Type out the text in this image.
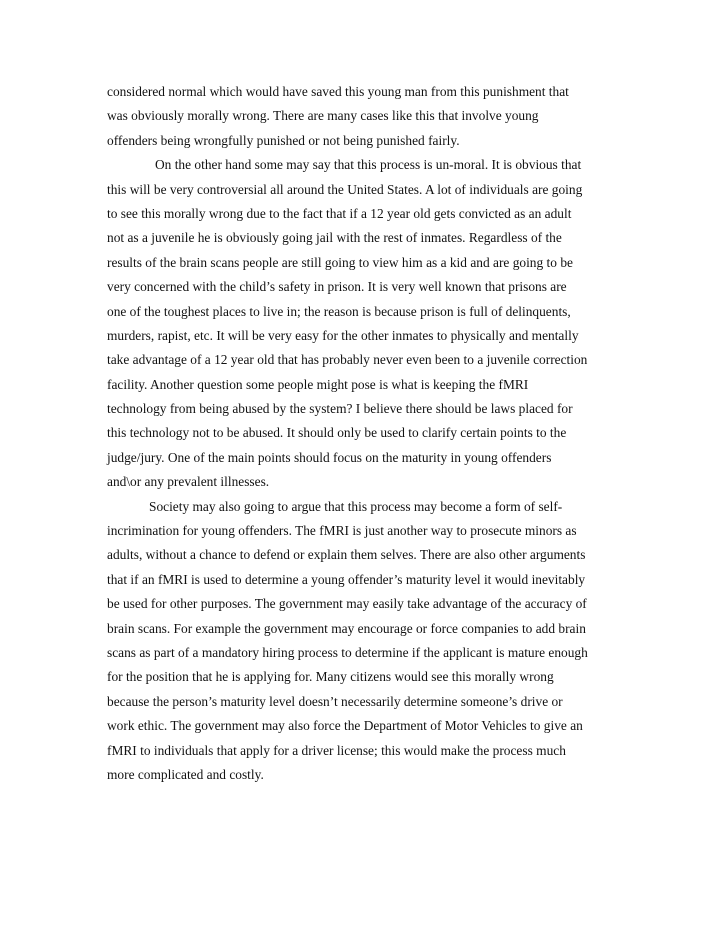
considered normal which would have saved this young man from this punishment that
was obviously morally wrong. There are many cases like this that involve young
offenders being wrongfully punished or not being punished fairly.
On the other hand some may say that this process is un-moral. It is obvious that
this will be very controversial all around the United States. A lot of individuals are going
to see this morally wrong due to the fact that if a 12 year old gets convicted as an adult
not as a juvenile he is obviously going jail with the rest of inmates. Regardless of the
results of the brain scans people are still going to view him as a kid and are going to be
very concerned with the child’s safety in prison. It is very well known that prisons are
one of the toughest places to live in; the reason is because prison is full of delinquents,
murders, rapist, etc. It will be very easy for the other inmates to physically and mentally
take advantage of a 12 year old that has probably never even been to a juvenile correction
facility. Another question some people might pose is what is keeping the fMRI
technology from being abused by the system? I believe there should be laws placed for
this technology not to be abused. It should only be used to clarify certain points to the
judge/jury. One of the main points should focus on the maturity in young offenders
and\or any prevalent illnesses.
Society may also going to argue that this process may become a form of self-
incrimination for young offenders. The fMRI is just another way to prosecute minors as
adults, without a chance to defend or explain them selves. There are also other arguments
that if an fMRI is used to determine a young offender’s maturity level it would inevitably
be used for other purposes. The government may easily take advantage of the accuracy of
brain scans. For example the government may encourage or force companies to add brain
scans as part of a mandatory hiring process to determine if the applicant is mature enough
for the position that he is applying for. Many citizens would see this morally wrong
because the person’s maturity level doesn’t necessarily determine someone’s drive or
work ethic. The government may also force the Department of Motor Vehicles to give an
fMRI to individuals that apply for a driver license; this would make the process much
more complicated and costly.
